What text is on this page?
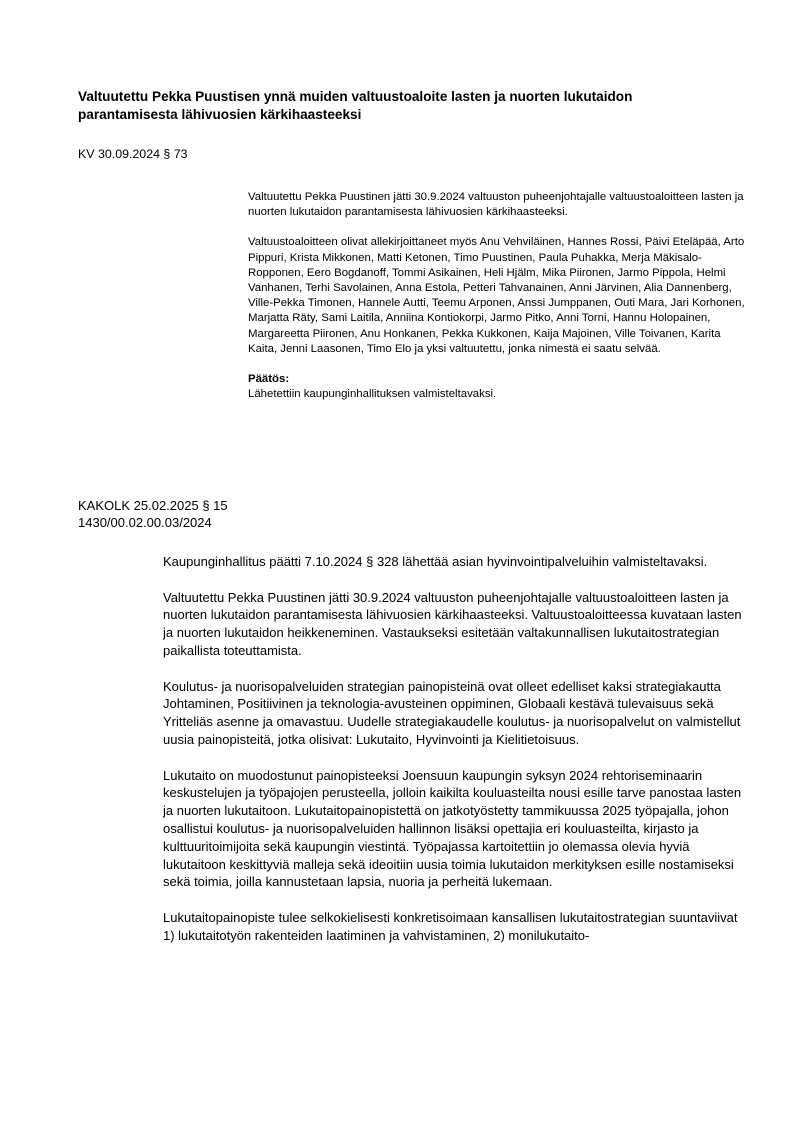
Valtuutettu Pekka Puustisen ynnä muiden valtuustoaloite lasten ja nuorten lukutaidon parantamisesta lähivuosien kärkihaasteeksi
KV 30.09.2024 § 73

Valtuutettu Pekka Puustinen jätti 30.9.2024 valtuuston puheenjohtajalle valtuustoaloitteen lasten ja nuorten lukutaidon parantamisesta lähivuosien kärkihaasteeksi.

Valtuustoaloitteen olivat allekirjoittaneet myös Anu Vehviläinen, Hannes Rossi, Päivi Eteläpää, Arto Pippuri, Krista Mikkonen, Matti Ketonen, Timo Puustinen, Paula Puhakka, Merja Mäkisalo-Ropponen, Eero Bogdanoff, Tommi Asikainen, Heli Hjälm, Mika Piironen, Jarmo Pippola, Helmi Vanhanen, Terhi Savolainen, Anna Estola, Petteri Tahvanainen, Anni Järvinen, Alia Dannenberg, Ville-Pekka Timonen, Hannele Autti, Teemu Arponen, Anssi Jumppanen, Outi Mara, Jari Korhonen, Marjatta Räty, Sami Laitila, Anniina Kontiokorpi, Jarmo Pitko, Anni Torni, Hannu Holopainen, Margareetta Piironen, Anu Honkanen, Pekka Kukkonen, Kaija Majoinen, Ville Toivanen, Karita Kaita, Jenni Laasonen, Timo Elo ja yksi valtuutettu, jonka nimestä ei saatu selvää.

Päätös:
Lähetettiin kaupunginhallituksen valmisteltavaksi.
KAKOLK 25.02.2025 § 15
1430/00.02.00.03/2024

Kaupunginhallitus päätti 7.10.2024 § 328 lähettää asian hyvinvointipalveluihin valmisteltavaksi.

Valtuutettu Pekka Puustinen jätti 30.9.2024 valtuuston puheenjohtajalle valtuustoaloitteen lasten ja nuorten lukutaidon parantamisesta lähivuosien kärkihaasteeksi. Valtuustoaloitteessa kuvataan lasten ja nuorten lukutaidon heikkeneminen. Vastaukseksi esitetään valtakunnallisen lukutaitostrategian paikallista toteuttamista.

Koulutus- ja nuorisopalveluiden strategian painopisteinä ovat olleet edelliset kaksi strategiakautta Johtaminen, Positiivinen ja teknologia-avusteinen oppiminen, Globaali kestävä tulevaisuus sekä Yritteliäs asenne ja omavastuu. Uudelle strategiakaudelle koulutus- ja nuorisopalvelut on valmistellut uusia painopisteitä, jotka olisivat: Lukutaito, Hyvinvointi ja Kielitietoisuus.

Lukutaito on muodostunut painopisteeksi Joensuun kaupungin syksyn 2024 rehtoriseminaarin keskustelujen ja työpajojen perusteella, jolloin kaikilta kouluasteilta nousi esille tarve panostaa lasten ja nuorten lukutaitoon. Lukutaitopainopistettä on jatkotyöstetty tammikuussa 2025 työpajalla, johon osallistui koulutus- ja nuorisopalveluiden hallinnon lisäksi opettajia eri kouluasteilta, kirjasto ja kulttuuritoimijoita sekä kaupungin viestintä. Työpajassa kartoitettiin jo olemassa olevia hyviä lukutaitoon keskittyviä malleja sekä ideoitiin uusia toimia lukutaidon merkityksen esille nostamiseksi sekä toimia, joilla kannustetaan lapsia, nuoria ja perheitä lukemaan.

Lukutaitopainopiste tulee selkokielisesti konkretisoimaan kansallisen lukutaitostrategian suuntaviivat 1) lukutaitotyön rakenteiden laatiminen ja vahvistaminen, 2) monilukutaito-
